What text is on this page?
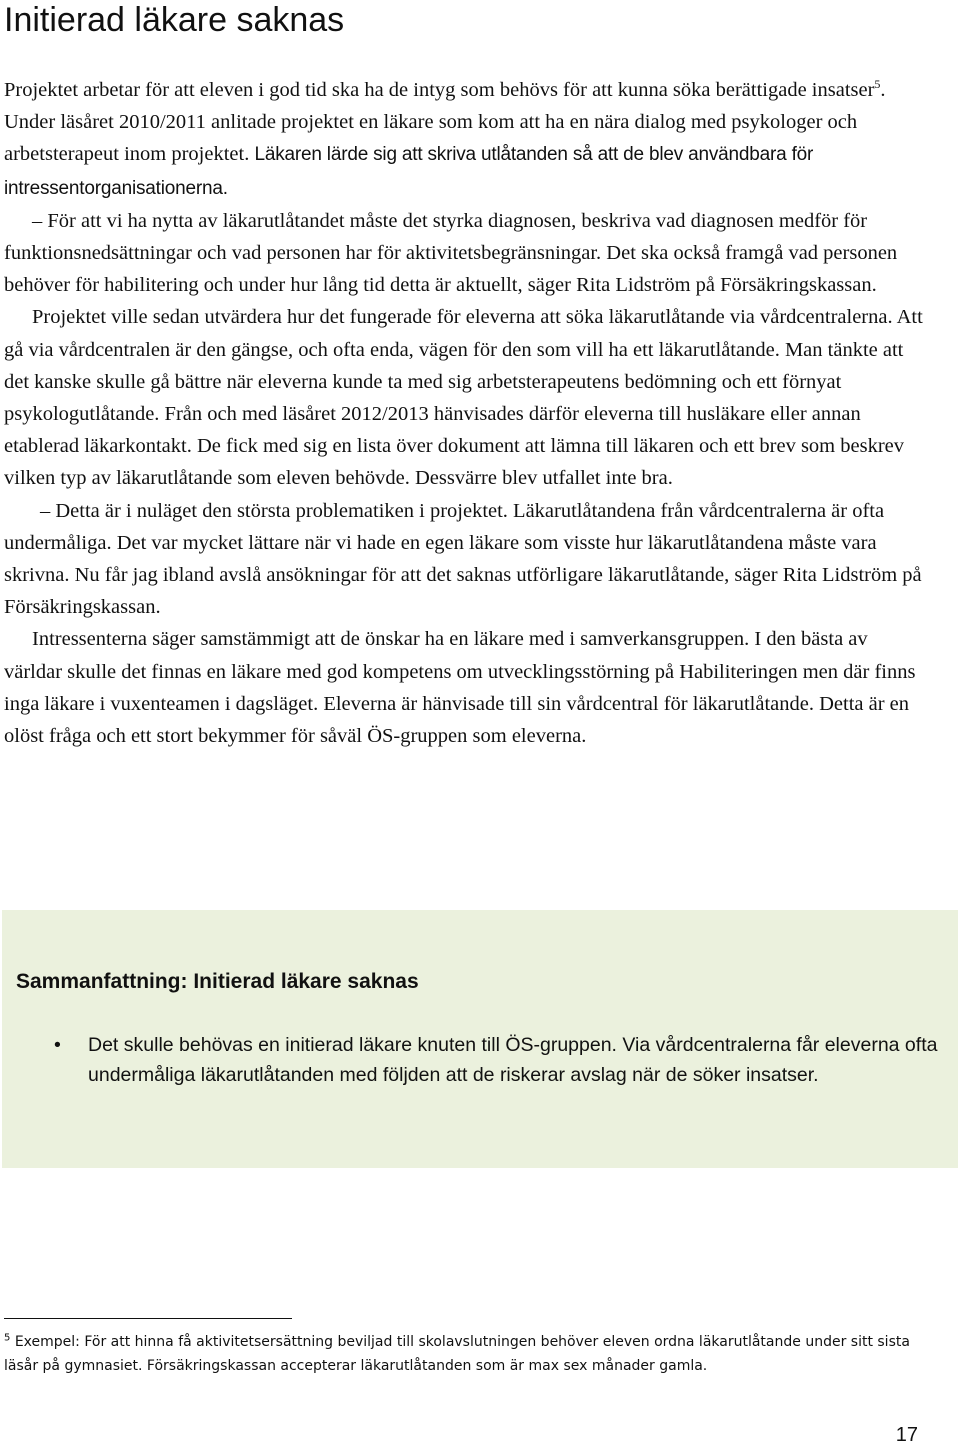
Initierad läkare saknas

Projektet arbetar för att eleven i god tid ska ha de intyg som behövs för att kunna söka berättigade insatser$^5$. Under läsåret 2010/2011 anlitade projektet en läkare som kom att ha en nära dialog med psykologer och arbetsterapeut inom projektet. Läkaren lärde sig att skriva utlåtanden så att de blev användbara för intressentorganisationerna.

– För att vi ha nytta av läkarutlåtandet måste det styrka diagnosen, beskriva vad diagnosen medför för funktionsnedsättningar och vad personen har för aktivitetsbegränsningar. Det ska också framgå vad personen behöver för habilitering och under hur lång tid detta är aktuellt, säger Rita Lidström på Försäkringskassan.

Projektet ville sedan utvärdera hur det fungerade för eleverna att söka läkarutlåtande via vårdcentralerna. Att gå via vårdcentralen är den gängse, och ofta enda, vägen för den som vill ha ett läkarutlåtande. Man tänkte att det kanske skulle gå bättre när eleverna kunde ta med sig arbetsterapeutens bedömning och ett förnyat psykologutlåtande. Från och med läsåret 2012/2013 hänvisades därför eleverna till husläkare eller annan etablerad läkarkontakt. De fick med sig en lista över dokument att lämna till läkaren och ett brev som beskrev vilken typ av läkarutlåtande som eleven behövde. Dessvärre blev utfallet inte bra.

– Detta är i nuläget den största problematiken i projektet. Läkarutlåtandena från vårdcentralerna är ofta undermåliga. Det var mycket lättare när vi hade en egen läkare som visste hur läkarutlåtandena måste vara skrivna. Nu får jag ibland avslå ansökningar för att det saknas utförligare läkarutlåtande, säger Rita Lidström på Försäkringskassan.

Intressenterna säger samstämmigt att de önskar ha en läkare med i samverkansgruppen. I den bästa av världar skulle det finnas en läkare med god kompetens om utvecklingsstörning på Habiliteringen men där finns inga läkare i vuxenteamen i dagsläget. Eleverna är hänvisade till sin vårdcentral för läkarutlåtande. Detta är en olöst fråga och ett stort bekymmer för såväl ÖS-gruppen som eleverna.

Sammanfattning: Initierad läkare saknas
• Det skulle behövas en initierad läkare knuten till ÖS-gruppen. Via vårdcentralerna får eleverna ofta undermåliga läkarutlåtanden med följden att de riskerar avslag när de söker insatser.
$^5$ Exempel: För att hinna få aktivitetsersättning beviljad till skolavslutningen behöver eleven ordna läkarutlåtande under sitt sista läsår på gymnasiet. Försäkringskassan accepterar läkarutlåtanden som är max sex månader gamla.
17
